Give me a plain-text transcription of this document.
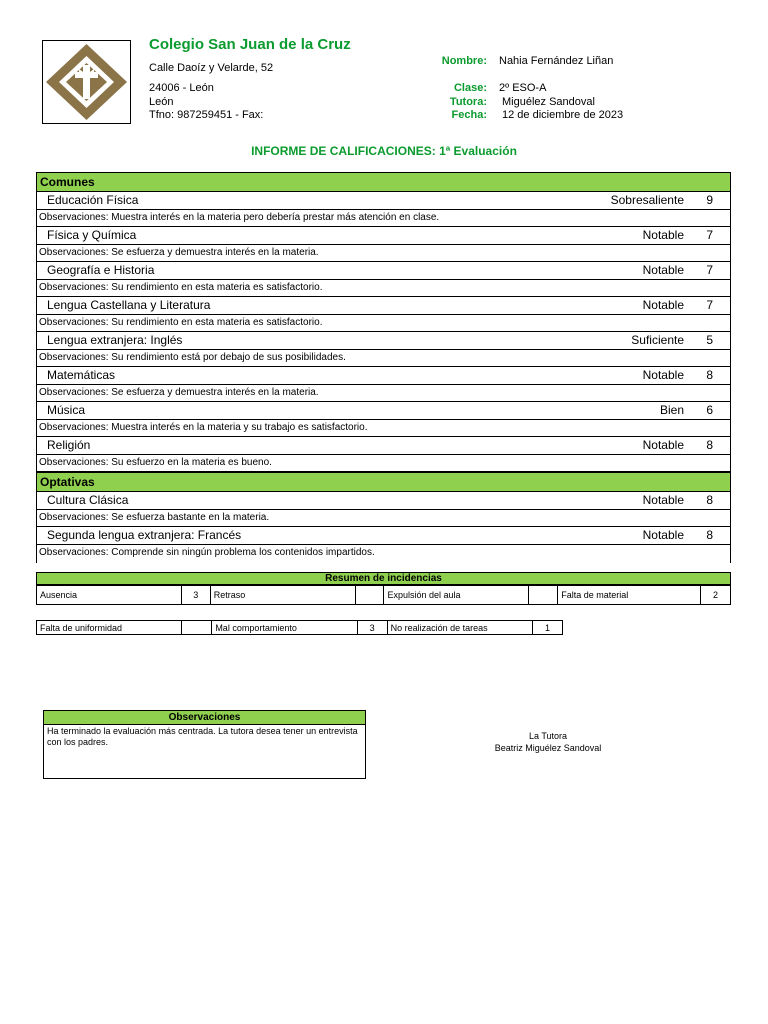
Colegio San Juan de la Cruz
Calle Daoíz y Velarde, 52
24006 - León
León
Tfno: 987259451 - Fax:
Nombre: Nahia Fernández Liñan
Clase: 2º ESO-A
Tutora: Miguélez Sandoval
Fecha: 12 de diciembre de 2023
INFORME DE CALIFICACIONES: 1ª Evaluación
Comunes
Educación Física	Sobresaliente 9
Observaciones: Muestra interés en la materia pero debería prestar más atención en clase.
Física y Química	Notable 7
Observaciones: Se esfuerza y demuestra interés en la materia.
Geografía e Historia	Notable 7
Observaciones: Su rendimiento en esta materia es satisfactorio.
Lengua Castellana y Literatura	Notable 7
Observaciones: Su rendimiento en esta materia es satisfactorio.
Lengua extranjera: Inglés	Suficiente 5
Observaciones: Su rendimiento está por debajo de sus posibilidades.
Matemáticas	Notable 8
Observaciones: Se esfuerza y demuestra interés en la materia.
Música	Bien 6
Observaciones: Muestra interés en la materia y su trabajo es satisfactorio.
Religión	Notable 8
Observaciones: Su esfuerzo en la materia es bueno.
Optativas
Cultura Clásica	Notable 8
Observaciones: Se esfuerza bastante en la materia.
Segunda lengua extranjera: Francés	Notable 8
Observaciones: Comprende sin ningún problema los contenidos impartidos.
Resumen de incidencias
Ausencia	3	Retraso		Expulsión del aula		Falta de material	2
Falta de uniformidad		Mal comportamiento	3	No realización de tareas	1
Observaciones
Ha terminado la evaluación más centrada. La tutora desea tener un entrevista con los padres.
La Tutora
Beatriz Miguélez Sandoval
